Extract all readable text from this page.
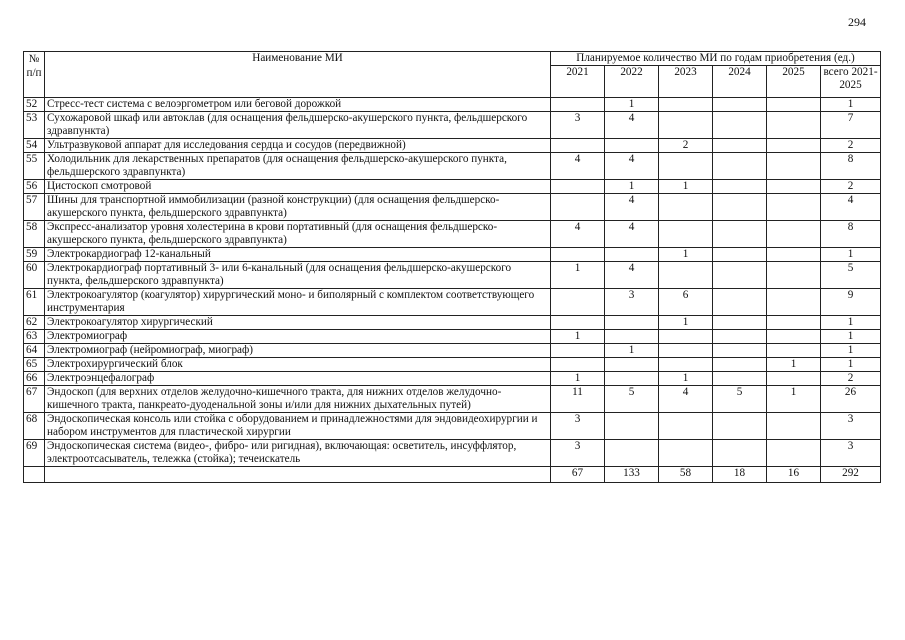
294
№
п/п	Наименование МИ	Планируемое количество МИ по годам приобретения (ед.)					
		2021	2022	2023	2024	2025	всего 2021-2025
52	Стресс-тест система с велоэргометром или беговой дорожкой		1				1
53	Сухожаровой шкаф или автоклав (для оснащения фельдшерско-акушерского пункта, фельдшерского здравпункта)	3	4				7
54	Ультразвуковой аппарат для исследования сердца и сосудов (передвижной)			2			2
55	Холодильник для лекарственных препаратов (для оснащения фельдшерско-акушерского пункта, фельдшерского здравпункта)	4	4				8
56	Цистоскоп смотровой		1	1			2
57	Шины для транспортной иммобилизации (разной конструкции) (для оснащения фельдшерско-акушерского пункта, фельдшерского здравпункта)		4				4
58	Экспресс-анализатор уровня холестерина в крови портативный (для оснащения фельдшерско-акушерского пункта, фельдшерского здравпункта)	4	4				8
59	Электрокардиограф 12-канальный			1			1
60	Электрокардиограф портативный 3- или 6-канальный (для оснащения фельдшерско-акушерского пункта, фельдшерского здравпункта)	1	4				5
61	Электрокоагулятор (коагулятор) хирургический моно- и биполярный с комплектом соответствующего инструментария		3	6			9
62	Электрокоагулятор хирургический			1			1
63	Электромиограф	1					1
64	Электромиограф (нейромиограф, миограф)		1				1
65	Электрохирургический блок					1	1
66	Электроэнцефалограф	1		1			2
67	Эндоскоп (для верхних отделов желудочно-кишечного тракта, для нижних отделов желудочно-кишечного тракта, панкреато-дуоденальной зоны и/или для нижних дыхательных путей)	11	5	4	5	1	26
68	Эндоскопическая консоль или стойка с оборудованием и принадлежностями для эндовидеохирургии и набором инструментов для пластической хирургии	3					3
69	Эндоскопическая система (видео-, фибро- или ригидная), включающая: осветитель, инсуффлятор, электроотсасыватель, тележка (стойка); течеискатель	3					3
		67	133	58	18	16	292
